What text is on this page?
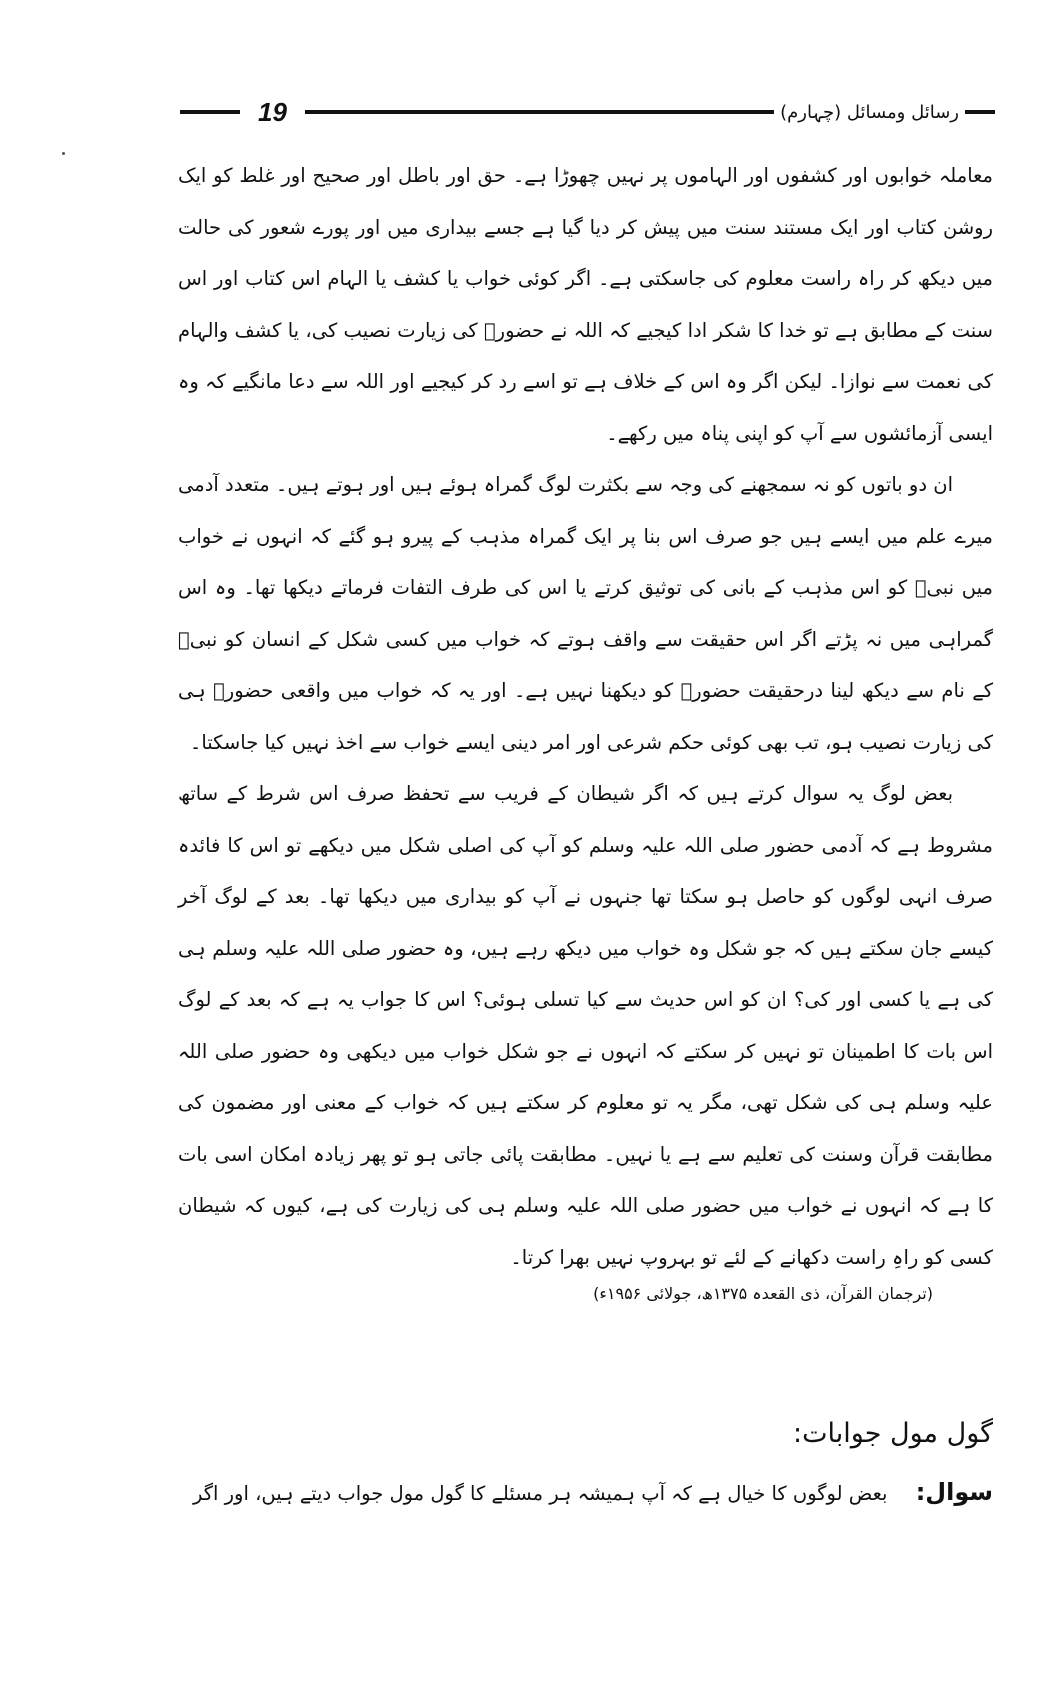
19	رسائل ومسائل (چہارم)

معاملہ خوابوں اور کشفوں اور الہاموں پر نہیں چھوڑا ہے۔ حق اور باطل اور صحیح اور غلط کو ایک روشن کتاب اور ایک مستند سنت میں پیش کر دیا گیا ہے جسے بیداری میں اور پورے شعور کی حالت میں دیکھ کر راہ راست معلوم کی جاسکتی ہے۔ اگر کوئی خواب یا کشف یا الہام اس کتاب اور اس سنت کے مطابق ہے تو خدا کا شکر ادا کیجیے کہ اللہ نے حضورؐ کی زیارت نصیب کی، یا کشف والہام کی نعمت سے نوازا۔ لیکن اگر وہ اس کے خلاف ہے تو اسے رد کر کیجیے اور اللہ سے دعا مانگیے کہ وہ ایسی آزمائشوں سے آپ کو اپنی پناہ میں رکھے۔

ان دو باتوں کو نہ سمجھنے کی وجہ سے بکثرت لوگ گمراہ ہوئے ہیں اور ہوتے ہیں۔ متعدد آدمی میرے علم میں ایسے ہیں جو صرف اس بنا پر ایک گمراہ مذہب کے پیرو ہو گئے کہ انہوں نے خواب میں نبیؐ کو اس مذہب کے بانی کی توثیق کرتے یا اس کی طرف التفات فرماتے دیکھا تھا۔ وہ اس گمراہی میں نہ پڑتے اگر اس حقیقت سے واقف ہوتے کہ خواب میں کسی شکل کے انسان کو نبیؐ کے نام سے دیکھ لینا درحقیقت حضورؐ کو دیکھنا نہیں ہے۔ اور یہ کہ خواب میں واقعی حضورؐ ہی کی زیارت نصیب ہو، تب بھی کوئی حکم شرعی اور امر دینی ایسے خواب سے اخذ نہیں کیا جاسکتا۔

بعض لوگ یہ سوال کرتے ہیں کہ اگر شیطان کے فریب سے تحفظ صرف اس شرط کے ساتھ مشروط ہے کہ آدمی حضور صلی اللہ علیہ وسلم کو آپ کی اصلی شکل میں دیکھے تو اس کا فائدہ صرف انہی لوگوں کو حاصل ہو سکتا تھا جنہوں نے آپ کو بیداری میں دیکھا تھا۔ بعد کے لوگ آخر کیسے جان سکتے ہیں کہ جو شکل وہ خواب میں دیکھ رہے ہیں، وہ حضور صلی اللہ علیہ وسلم ہی کی ہے یا کسی اور کی؟ ان کو اس حدیث سے کیا تسلی ہوئی؟ اس کا جواب یہ ہے کہ بعد کے لوگ اس بات کا اطمینان تو نہیں کر سکتے کہ انہوں نے جو شکل خواب میں دیکھی وہ حضور صلی اللہ علیہ وسلم ہی کی شکل تھی، مگر یہ تو معلوم کر سکتے ہیں کہ خواب کے معنی اور مضمون کی مطابقت قرآن وسنت کی تعلیم سے ہے یا نہیں۔ مطابقت پائی جاتی ہو تو پھر زیادہ امکان اسی بات کا ہے کہ انہوں نے خواب میں حضور صلی اللہ علیہ وسلم ہی کی زیارت کی ہے، کیوں کہ شیطان کسی کو راہِ راست دکھانے کے لئے تو بہروپ نہیں بھرا کرتا۔

(ترجمان القرآن، ذی القعدہ ۱۳۷۵ھ، جولائی ۱۹۵۶ء)

گول مول جوابات:
سوال: بعض لوگوں کا خیال ہے کہ آپ ہمیشہ ہر مسئلے کا گول مول جواب دیتے ہیں، اور اگر
